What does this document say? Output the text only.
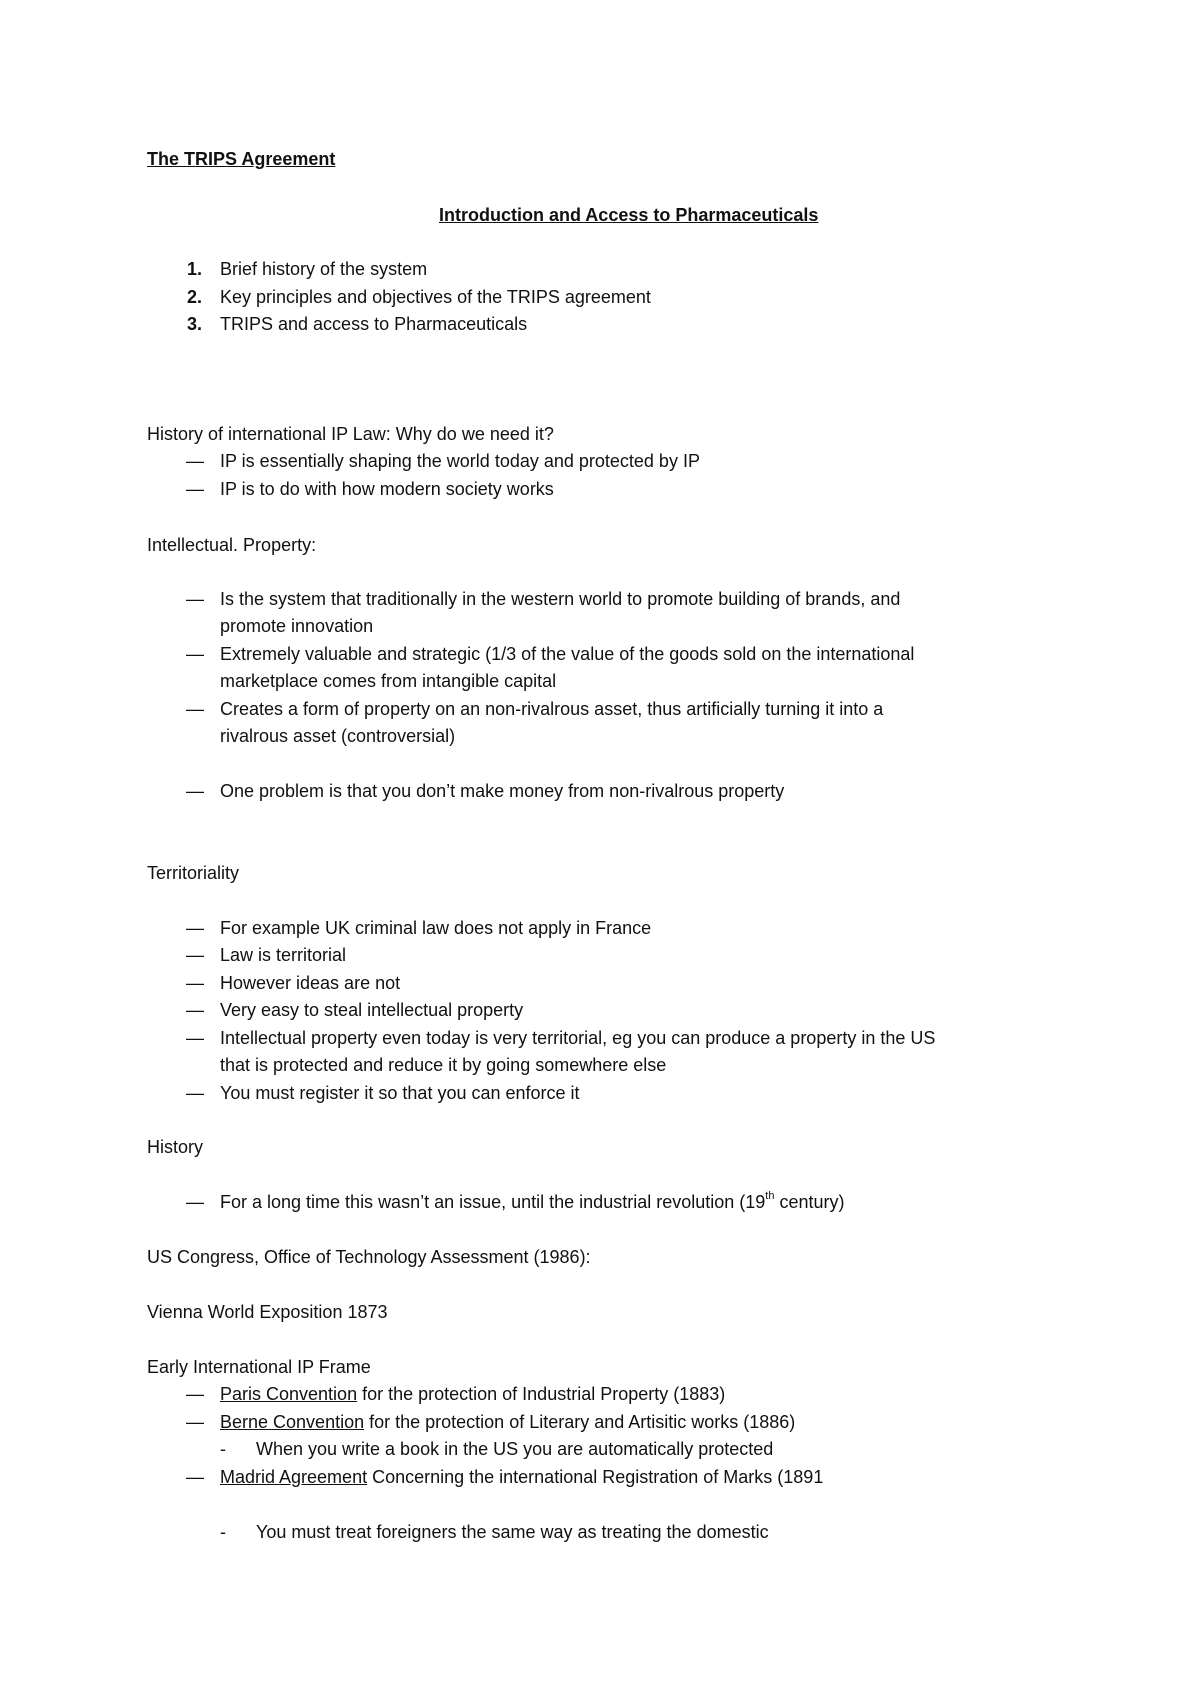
The TRIPS Agreement
Introduction and Access to Pharmaceuticals
1. Brief history of the system
2. Key principles and objectives of the TRIPS agreement
3. TRIPS and access to Pharmaceuticals
History of international IP Law: Why do we need it?
— IP is essentially shaping the world today and protected by IP
— IP is to do with how modern society works
Intellectual. Property:
— Is the system that traditionally in the western world to promote building of brands, and
promote innovation
— Extremely valuable and strategic (1/3 of the value of the goods sold on the international
marketplace comes from intangible capital
— Creates a form of property on an non-rivalrous asset, thus artificially turning it into a
rivalrous asset (controversial)
— One problem is that you don’t make money from non-rivalrous property
Territoriality
— For example UK criminal law does not apply in France
— Law is territorial
— However ideas are not
— Very easy to steal intellectual property
— Intellectual property even today is very territorial, eg you can produce a property in the US
that is protected and reduce it by going somewhere else
— You must register it so that you can enforce it
History
— For a long time this wasn’t an issue, until the industrial revolution (19th century)
US Congress, Office of Technology Assessment (1986):
Vienna World Exposition 1873
Early International IP Frame
— Paris Convention for the protection of Industrial Property (1883)
— Berne Convention for the protection of Literary and Artisitic works (1886)
- When you write a book in the US you are automatically protected
— Madrid Agreement Concerning the international Registration of Marks (1891
- You must treat foreigners the same way as treating the domestic
